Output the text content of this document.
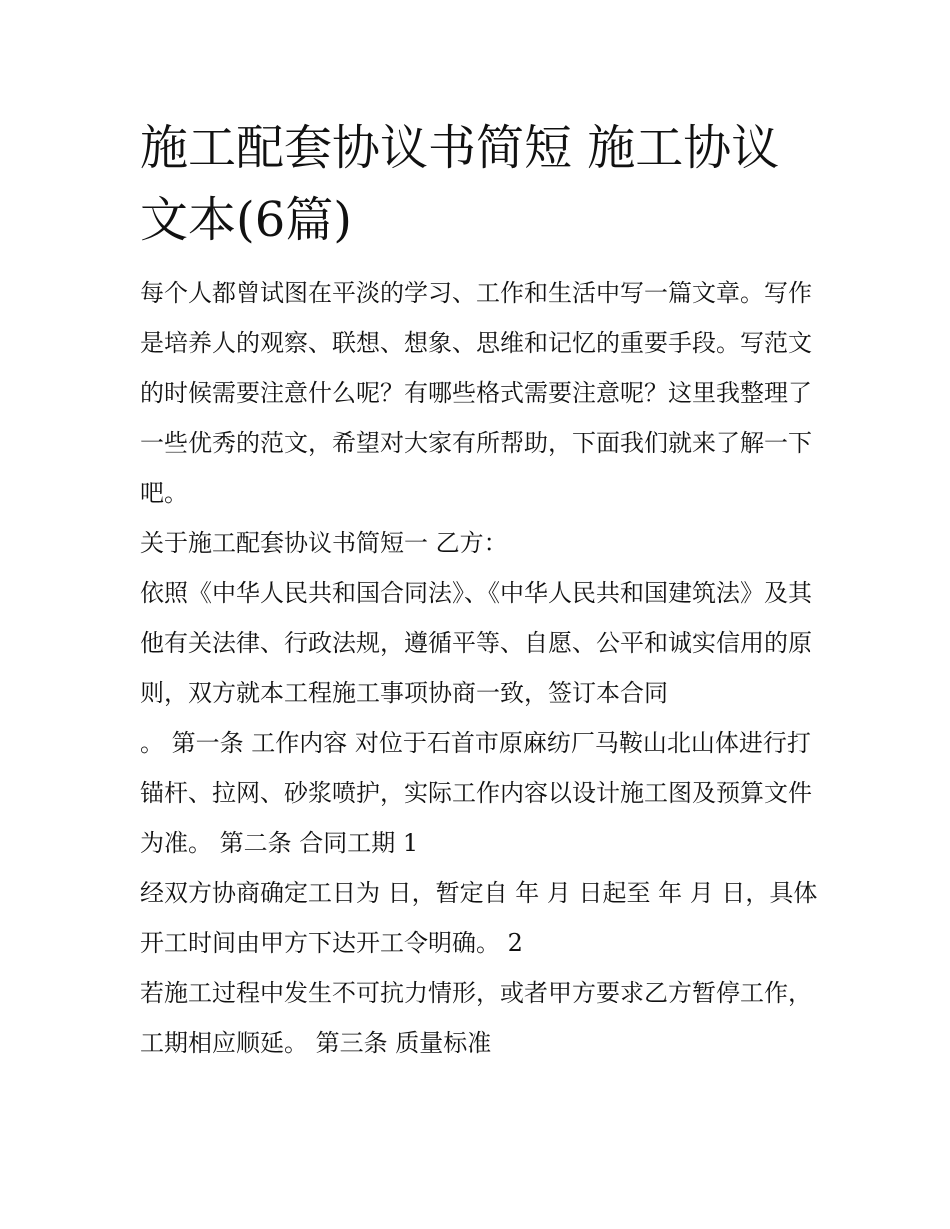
施工配套协议书简短 施工协议文本(6篇)

每个人都曾试图在平淡的学习、工作和生活中写一篇文章。写作是培养人的观察、联想、想象、思维和记忆的重要手段。写范文的时候需要注意什么呢？有哪些格式需要注意呢？这里我整理了一些优秀的范文，希望对大家有所帮助，下面我们就来了解一下吧。

关于施工配套协议书简短一 乙方：

依照《中华人民共和国合同法》、《中华人民共和国建筑法》及其他有关法律、行政法规，遵循平等、自愿、公平和诚实信用的原则，双方就本工程施工事项协商一致，签订本合同

。 第一条 工作内容 对位于石首市原麻纺厂马鞍山北山体进行打锚杆、拉网、砂浆喷护，实际工作内容以设计施工图及预算文件为准。 第二条 合同工期 1

经双方协商确定工日为 日，暂定自 年 月 日起至 年 月 日，具体开工时间由甲方下达开工令明确。 2

若施工过程中发生不可抗力情形，或者甲方要求乙方暂停工作，工期相应顺延。 第三条 质量标准
